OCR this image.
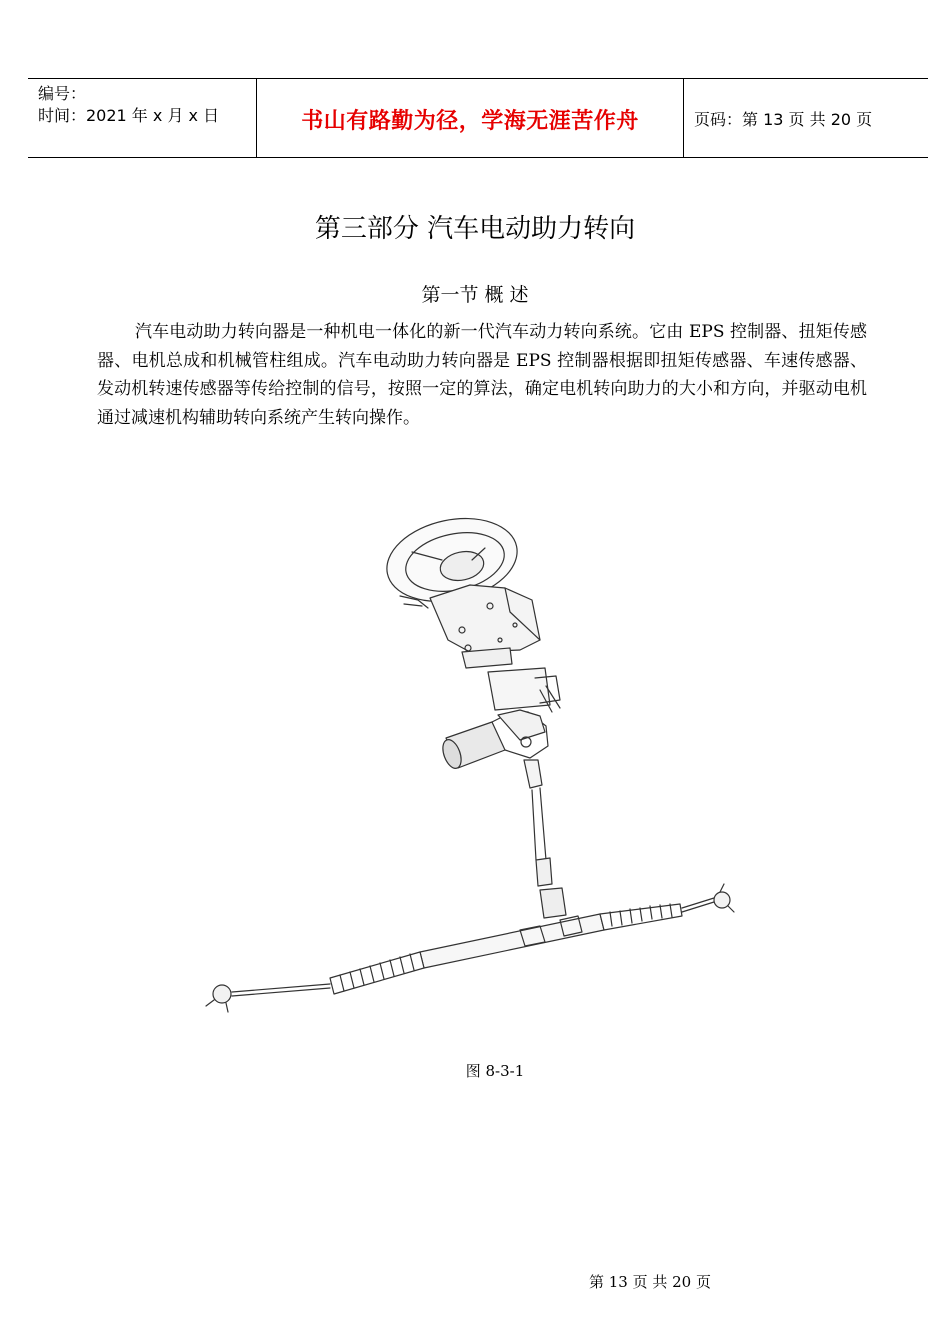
编号：
时间：2021 年 x 月 x 日	书山有路勤为径，学海无涯苦作舟	页码：第 13 页 共 20 页
第三部分 汽车电动助力转向
第一节 概 述
汽车电动助力转向器是一种机电一体化的新一代汽车动力转向系统。它由 EPS 控制器、扭矩传感器、电机总成和机械管柱组成。汽车电动助力转向器是 EPS 控制器根据即扭矩传感器、车速传感器、发动机转速传感器等传给控制的信号，按照一定的算法，确定电机转向助力的大小和方向，并驱动电机通过减速机构辅助转向系统产生转向操作。
图 8-3-1
第 13 页 共 20 页
